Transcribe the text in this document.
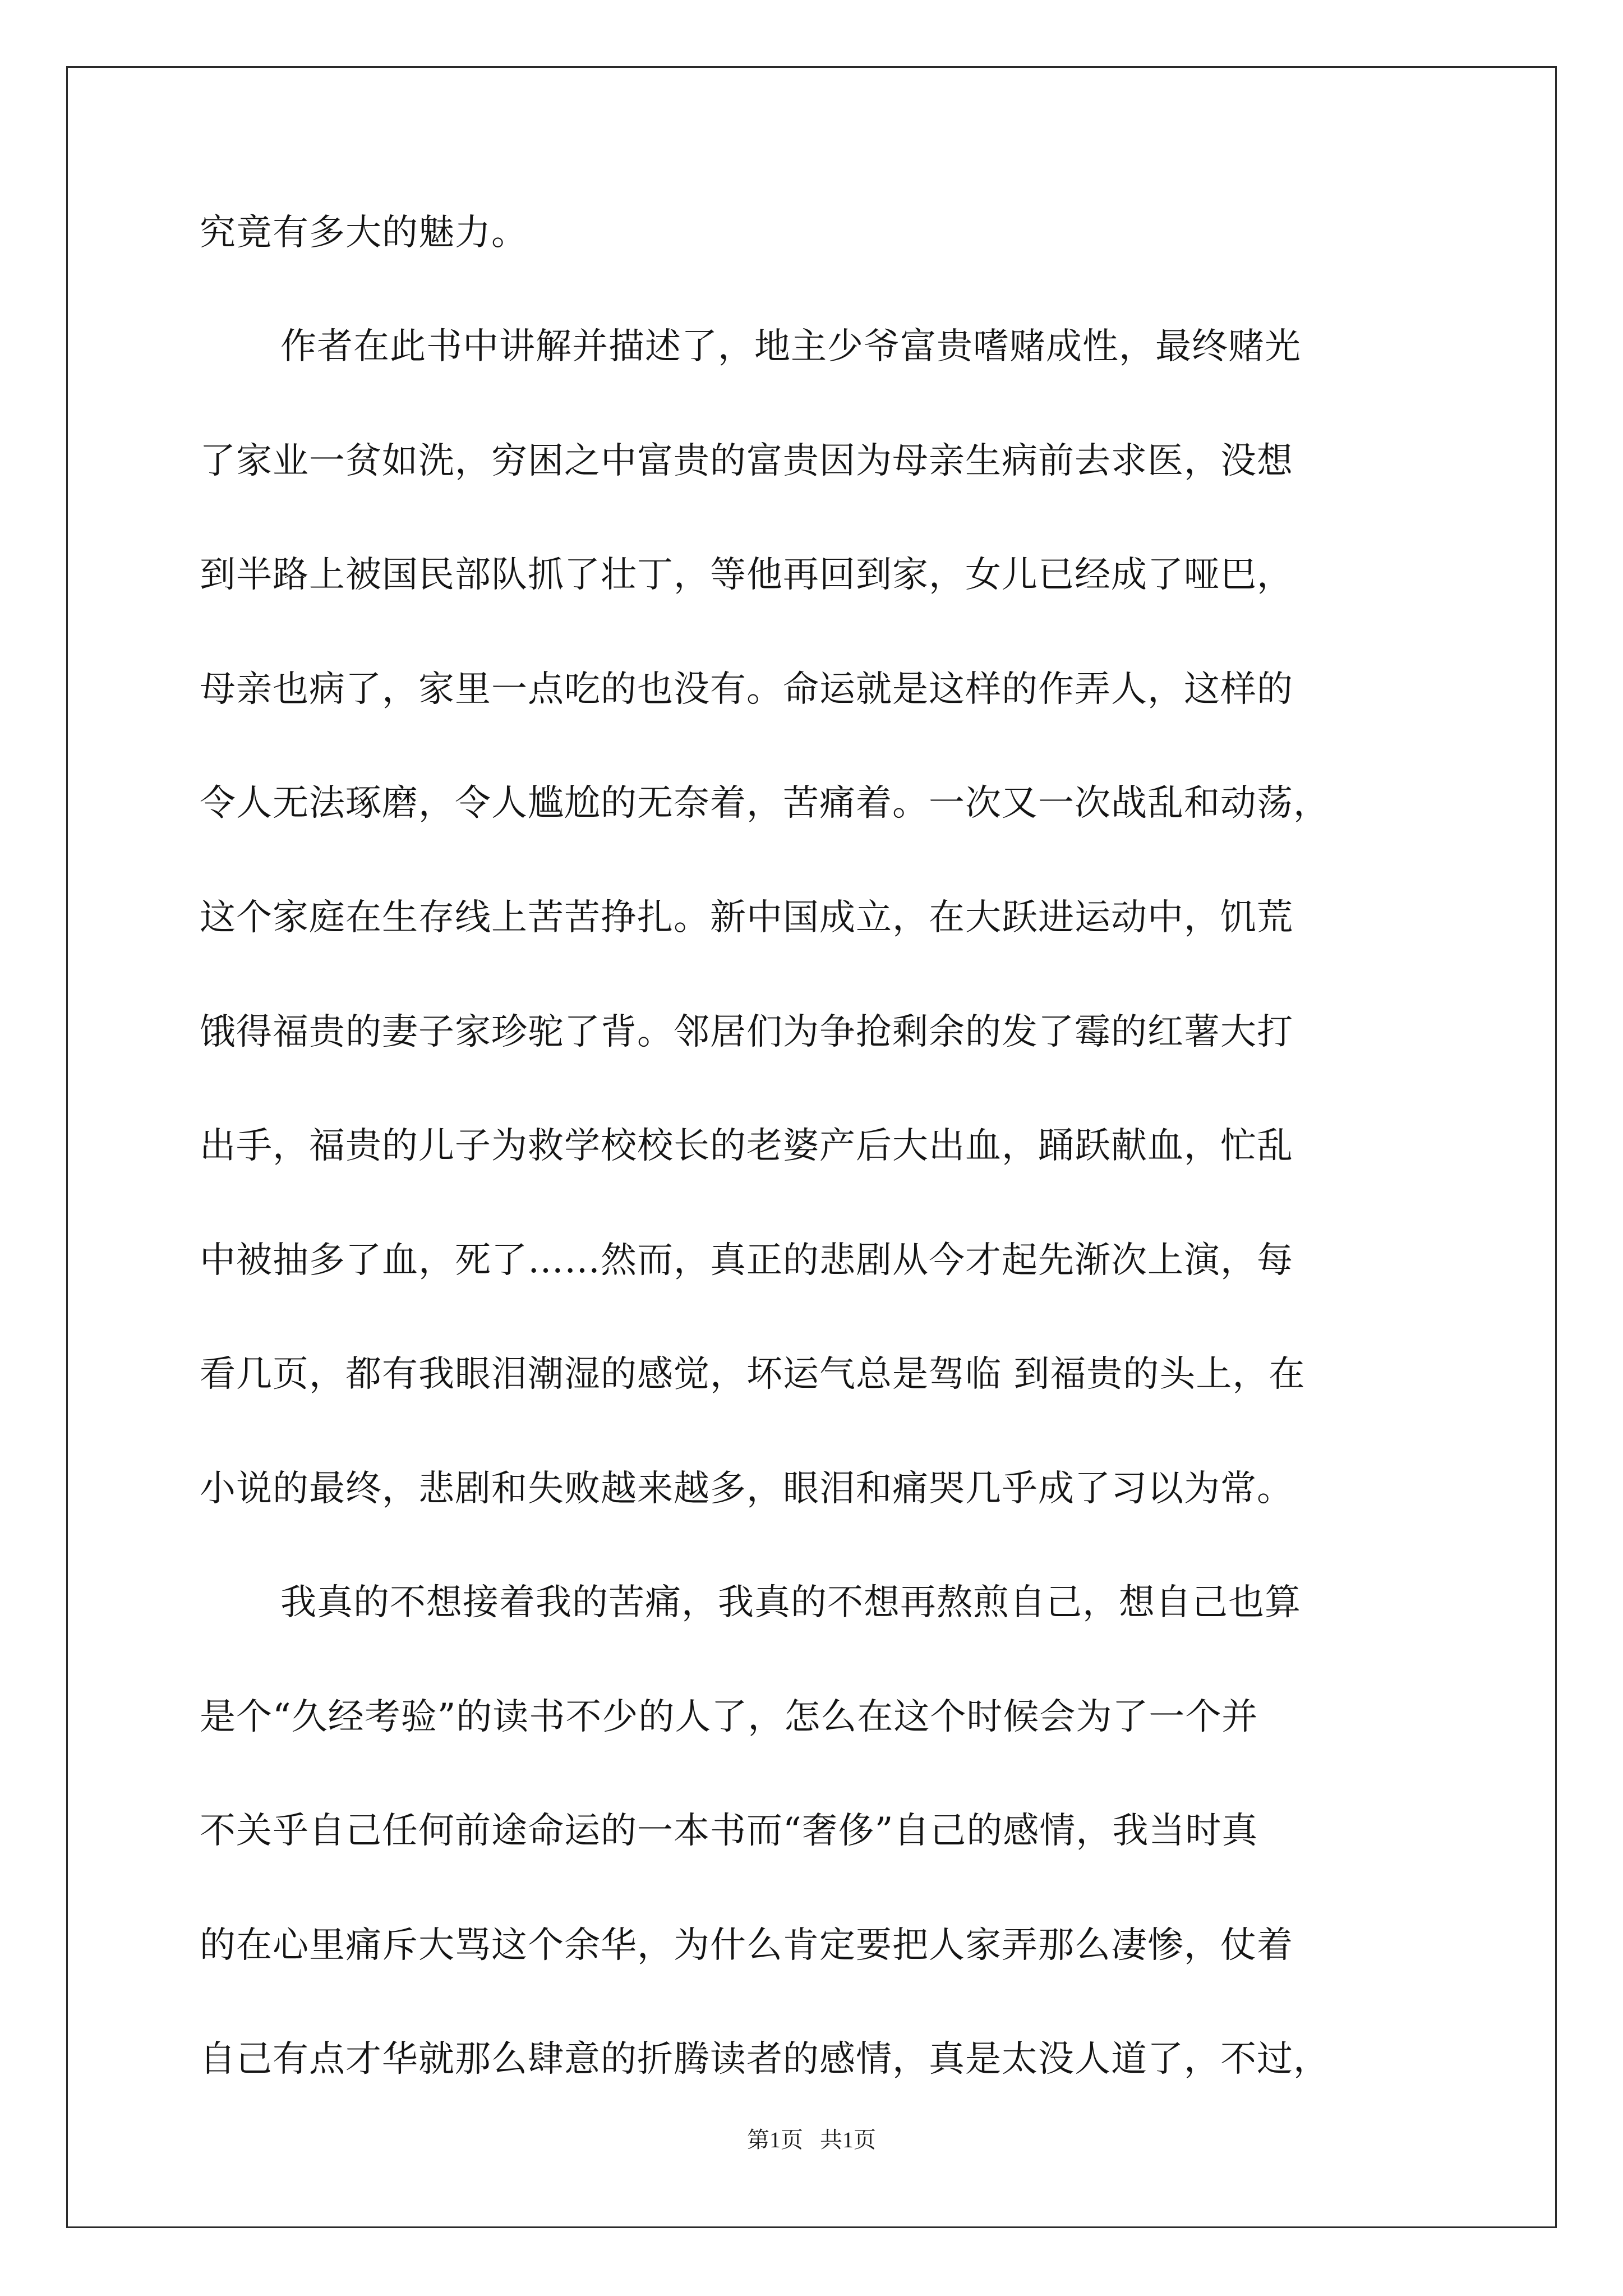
究竟有多大的魅力。
作者在此书中讲解并描述了，地主少爷富贵嗜赌成性，最终赌光
了家业一贫如洗，穷困之中富贵的富贵因为母亲生病前去求医，没想
到半路上被国民部队抓了壮丁，等他再回到家，女儿已经成了哑巴，
母亲也病了，家里一点吃的也没有。命运就是这样的作弄人，这样的
令人无法琢磨，令人尴尬的无奈着，苦痛着。一次又一次战乱和动荡，
这个家庭在生存线上苦苦挣扎。新中国成立，在大跃进运动中，饥荒
饿得福贵的妻子家珍驼了背。邻居们为争抢剩余的发了霉的红薯大打
出手，福贵的儿子为救学校校长的老婆产后大出血，踊跃献血，忙乱
中被抽多了血，死了……然而，真正的悲剧从今才起先渐次上演，每
看几页，都有我眼泪潮湿的感觉，坏运气总是驾临 到福贵的头上，在
小说的最终，悲剧和失败越来越多，眼泪和痛哭几乎成了习以为常。
我真的不想接着我的苦痛，我真的不想再熬煎自己，想自己也算
是个“久经考验”的读书不少的人了，怎么在这个时候会为了一个并
不关乎自己任何前途命运的一本书而“奢侈”自己的感情，我当时真
的在心里痛斥大骂这个余华，为什么肯定要把人家弄那么凄惨，仗着
自己有点才华就那么肆意的折腾读者的感情，真是太没人道了，不过，
第1页   共1页
